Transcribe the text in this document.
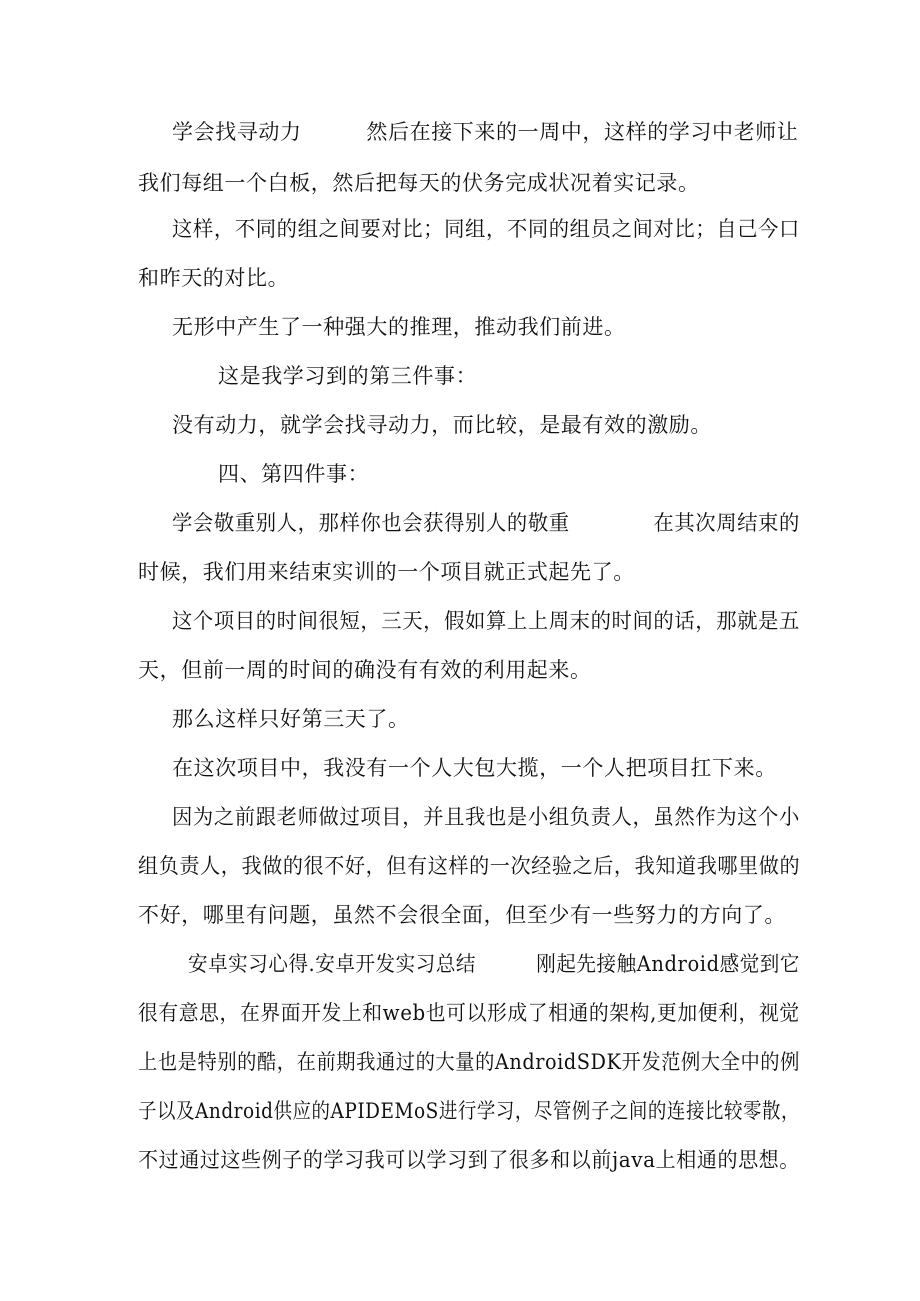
学会找寻动力　　　然后在接下来的一周中，这样的学习中老师让
我们每组一个白板，然后把每天的伏务完成状况着实记录。
这样，不同的组之间要对比；同组，不同的组员之间对比；自己今口
和昨天的对比。
无形中产生了一种强大的推理，推动我们前进。
这是我学习到的第三件事：
没有动力，就学会找寻动力，而比较，是最有效的激励。
四、第四件事：
学会敬重别人，那样你也会获得别人的敬重　　　　在其次周结束的
时候，我们用来结束实训的一个项目就正式起先了。
这个项目的时间很短，三天，假如算上上周末的时间的话，那就是五
天，但前一周的时间的确没有有效的利用起来。
那么这样只好第三天了。
在这次项目中，我没有一个人大包大揽，一个人把项目扛下来。
因为之前跟老师做过项目，并且我也是小组负责人，虽然作为这个小
组负责人，我做的很不好，但有这样的一次经验之后，我知道我哪里做的
不好，哪里有问题，虽然不会很全面，但至少有一些努力的方向了。
安卓实习心得.安卓开发实习总结　　　刚起先接触Android感觉到它
很有意思，在界面开发上和web也可以形成了相通的架构,更加便利，视觉
上也是特别的酷，在前期我通过的大量的AndroidSDK开发范例大全中的例
子以及Android供应的APIDEMoS进行学习，尽管例子之间的连接比较零散，
不过通过这些例子的学习我可以学习到了很多和以前java上相通的思想。
